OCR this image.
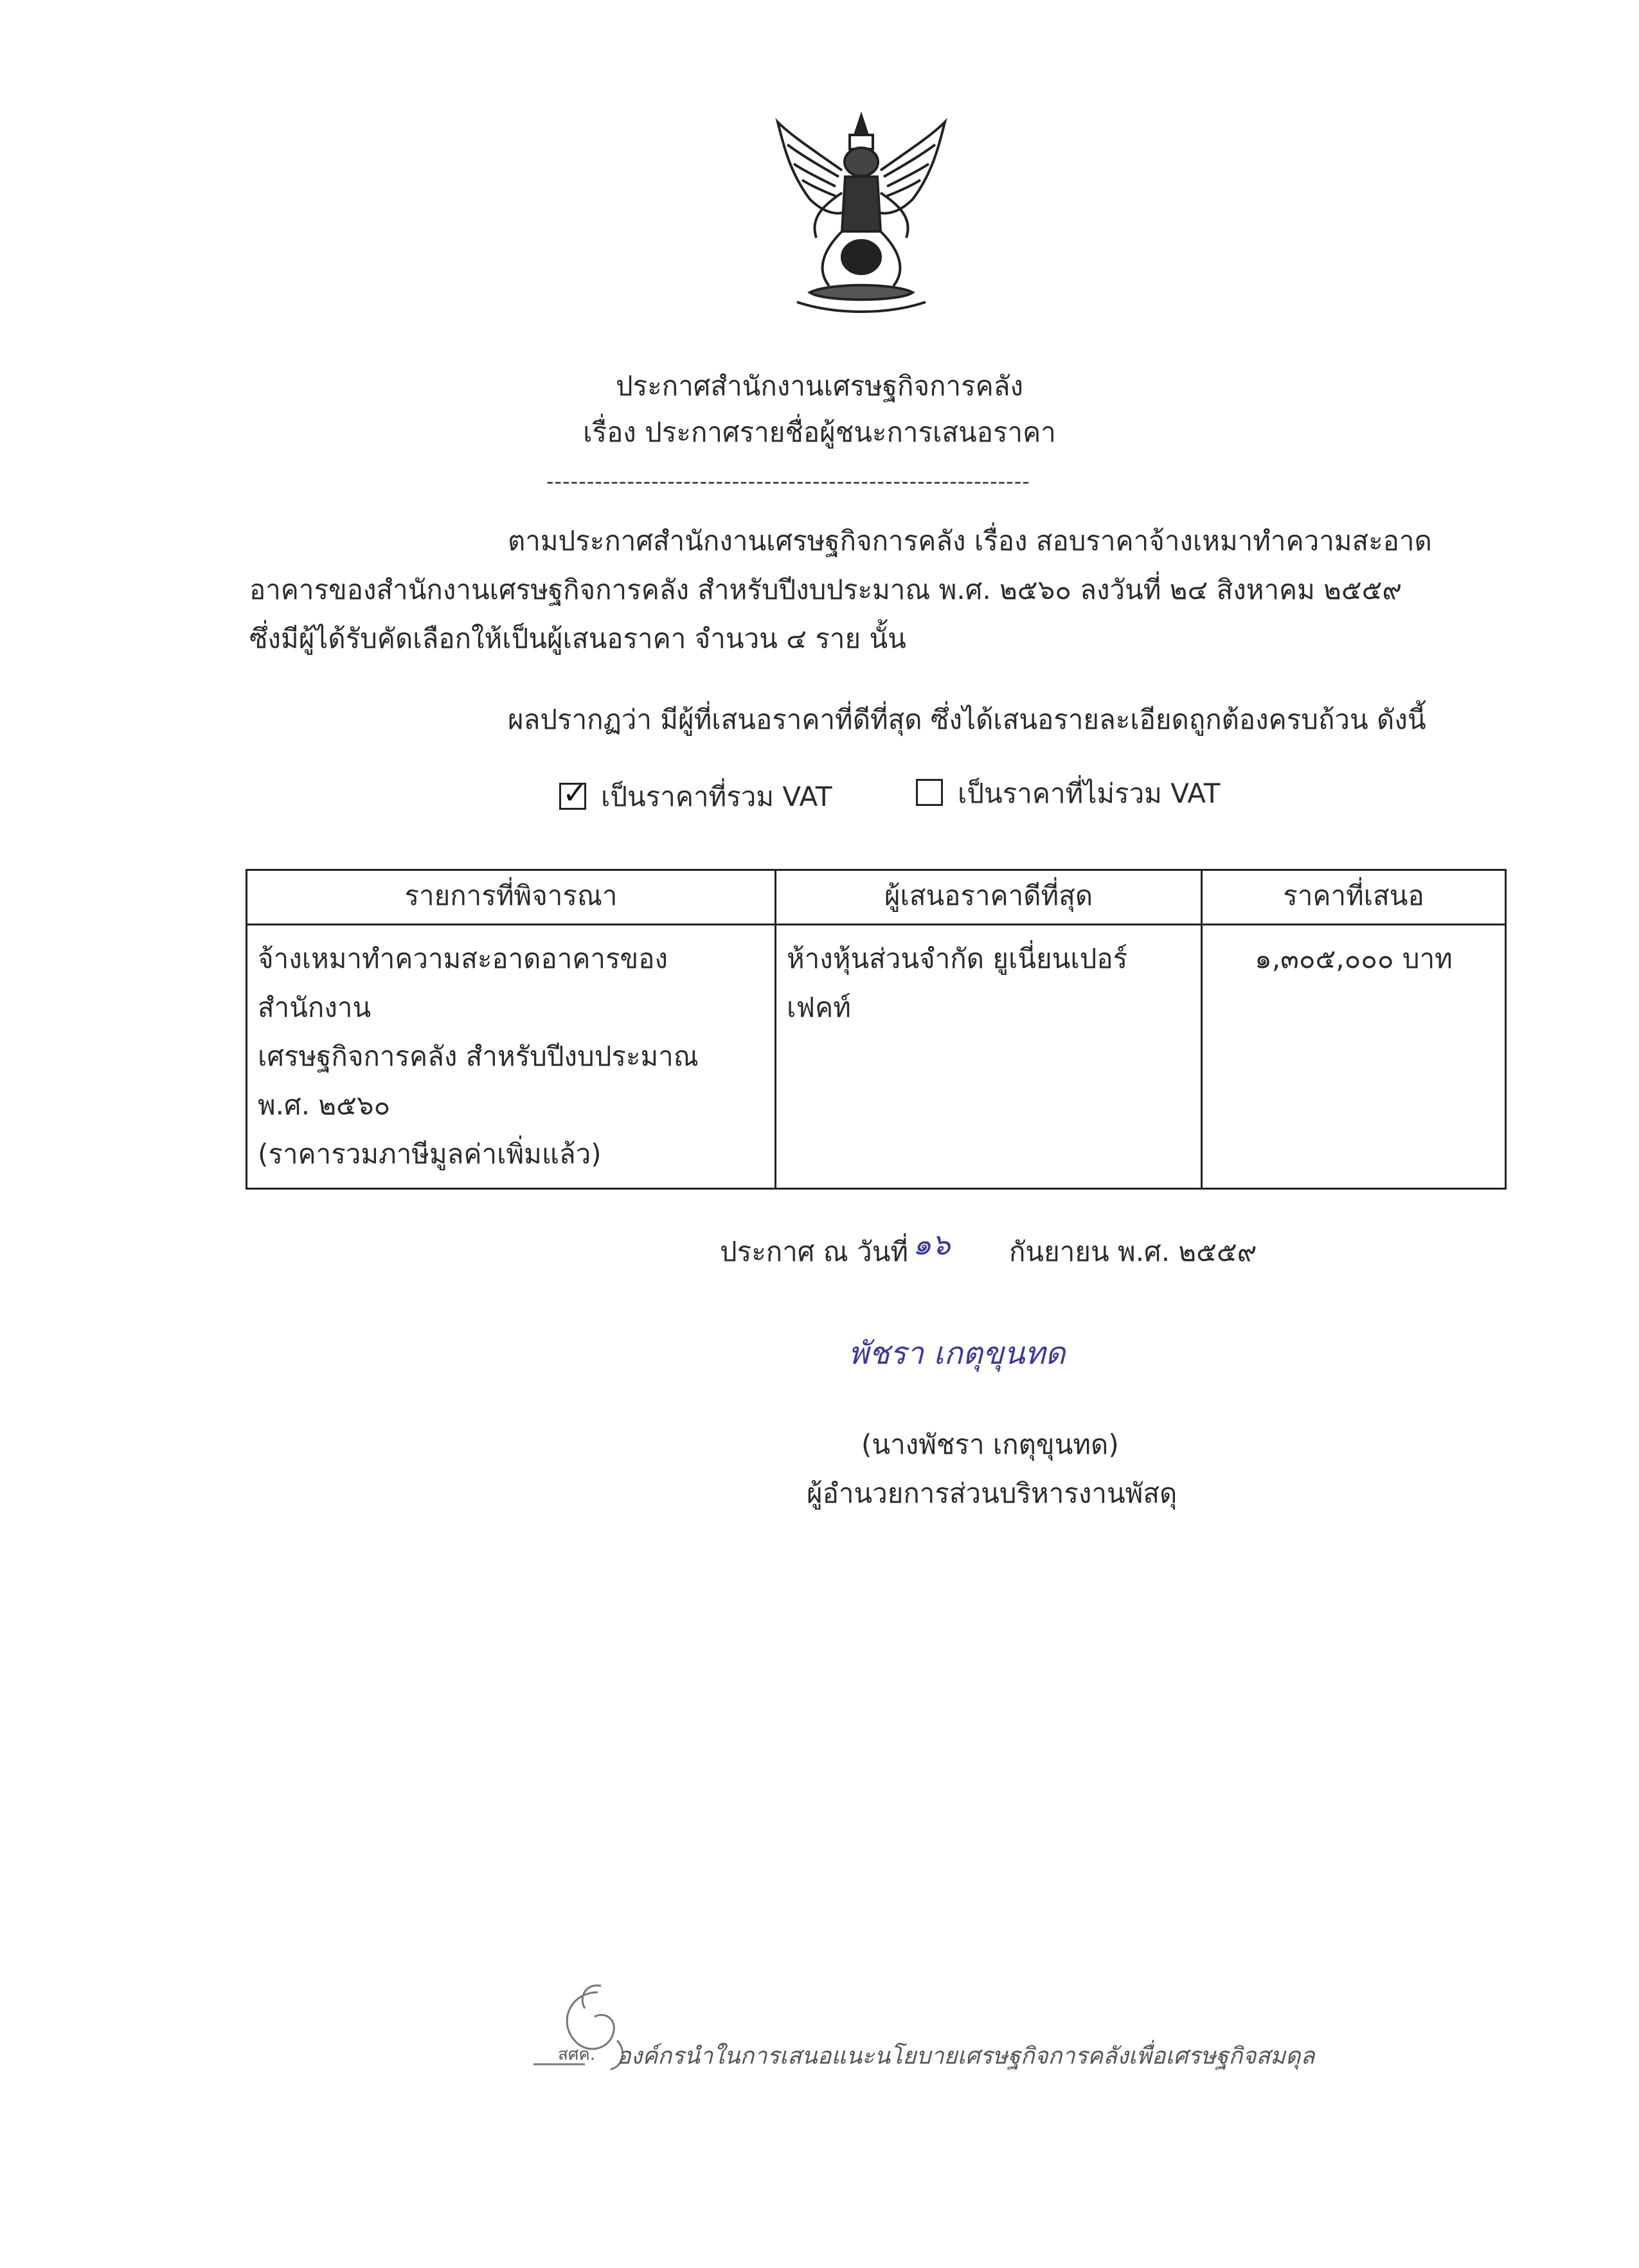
ประกาศสำนักงานเศรษฐกิจการคลัง
เรื่อง ประกาศรายชื่อผู้ชนะการเสนอราคา
------------------------------------------------------------
ตามประกาศสำนักงานเศรษฐกิจการคลัง เรื่อง สอบราคาจ้างเหมาทำความสะอาด
อาคารของสำนักงานเศรษฐกิจการคลัง สำหรับปีงบประมาณ พ.ศ. ๒๕๖๐ ลงวันที่ ๒๔ สิงหาคม ๒๕๕๙
ซึ่งมีผู้ได้รับคัดเลือกให้เป็นผู้เสนอราคา จำนวน ๔ ราย นั้น
ผลปรากฏว่า มีผู้ที่เสนอราคาที่ดีที่สุด ซึ่งได้เสนอรายละเอียดถูกต้องครบถ้วน ดังนี้
✓ เป็นราคาที่รวม VAT	เป็นราคาที่ไม่รวม VAT
รายการที่พิจารณา	ผู้เสนอราคาดีที่สุด	ราคาที่เสนอ

จ้างเหมาทำความสะอาดอาคารของสำนักงาน
เศรษฐกิจการคลัง สำหรับปีงบประมาณ
พ.ศ. ๒๕๖๐
(ราคารวมภาษีมูลค่าเพิ่มแล้ว)	ห้างหุ้นส่วนจำกัด ยูเนี่ยนเปอร์เฟคท์	๑,๓๐๕,๐๐๐ บาท
ประกาศ ณ วันที่ ๑๖ กันยายน พ.ศ. ๒๕๕๙
พัชรา เกตุขุนทด
(นางพัชรา เกตุขุนทด)
ผู้อำนวยการส่วนบริหารงานพัสดุ
สศค. องค์กรนำในการเสนอแนะนโยบายเศรษฐกิจการคลังเพื่อเศรษฐกิจสมดุล
